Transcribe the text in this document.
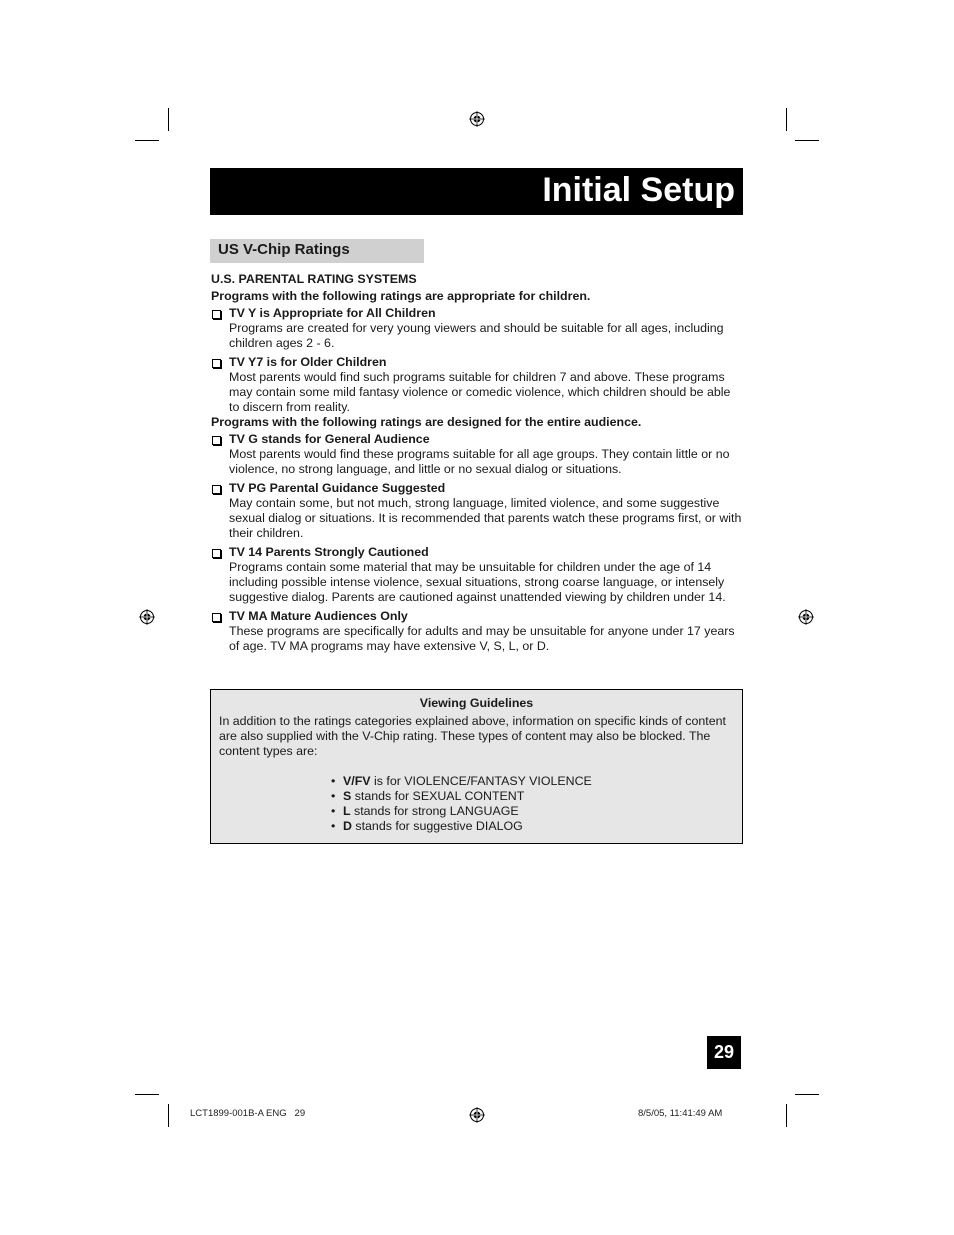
Initial Setup
US V-Chip Ratings

U.S. PARENTAL RATING SYSTEMS

Programs with the following ratings are appropriate for children.

TV Y is Appropriate for All Children

Programs are created for very young viewers and should be suitable for all ages, including children ages 2 - 6.

TV Y7 is for Older Children

Most parents would find such programs suitable for children 7 and above. These programs may contain some mild fantasy violence or comedic violence, which children should be able to discern from reality.

Programs with the following ratings are designed for the entire audience.

TV G stands for General Audience

Most parents would find these programs suitable for all age groups. They contain little or no violence, no strong language, and little or no sexual dialog or situations.

TV PG Parental Guidance Suggested

May contain some, but not much, strong language, limited violence, and some suggestive sexual dialog or situations. It is recommended that parents watch these programs first, or with their children.

TV 14 Parents Strongly Cautioned

Programs contain some material that may be unsuitable for children under the age of 14 including possible intense violence, sexual situations, strong coarse language, or intensely suggestive dialog. Parents are cautioned against unattended viewing by children under 14.

TV MA Mature Audiences Only

These programs are specifically for adults and may be unsuitable for anyone under 17 years of age. TV MA programs may have extensive V, S, L, or D.

Viewing Guidelines
In addition to the ratings categories explained above, information on specific kinds of content are also supplied with the V-Chip rating. These types of content may also be blocked. The content types are:
• V/FV is for VIOLENCE/FANTASY VIOLENCE
• S stands for SEXUAL CONTENT
• L stands for strong LANGUAGE
• D stands for suggestive DIALOG
29
LCT1899-001B-A ENG   29	8/5/05, 11:41:49 AM
